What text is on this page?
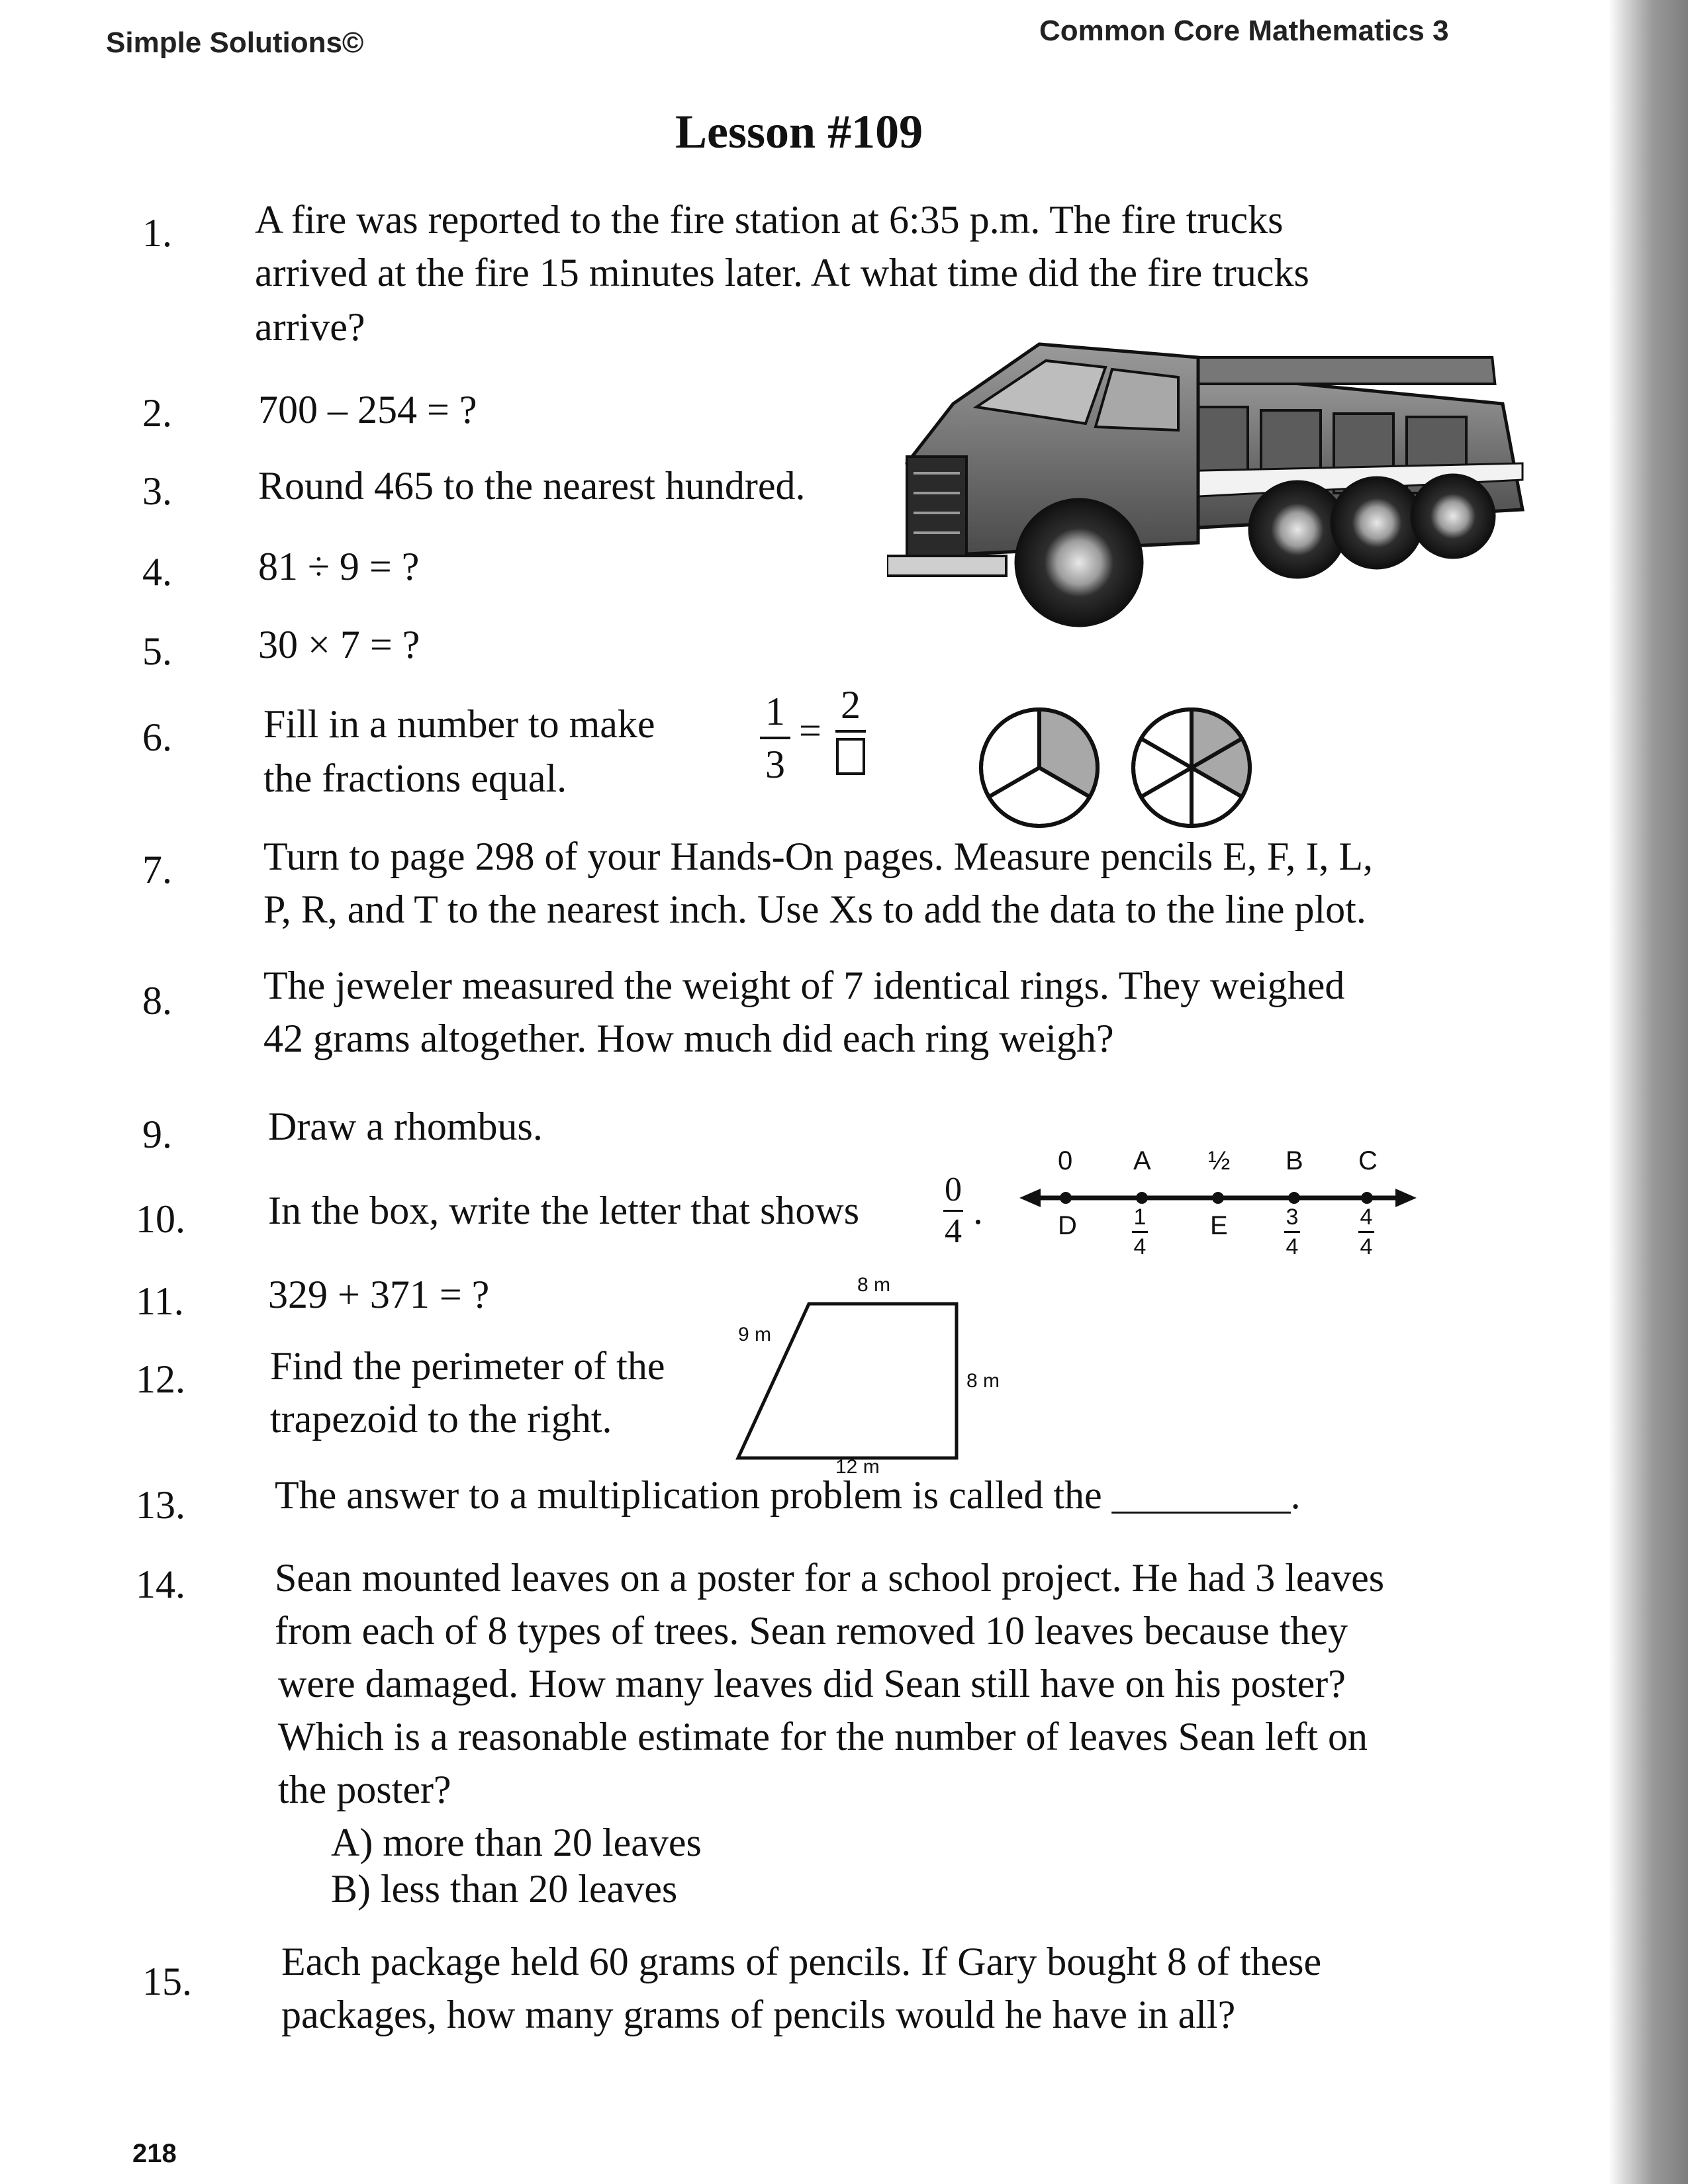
Simple Solutions©	Common Core Mathematics 3
Lesson #109
1. A fire was reported to the fire station at 6:35 p.m. The fire trucks
arrived at the fire 15 minutes later. At what time did the fire trucks
arrive?
2. 700 – 254 = ?
3. Round 465 to the nearest hundred.
4. 81 ÷ 9 = ?
5. 30 × 7 = ?
6. Fill in a number to make
the fractions equal.
1
3
=
2
7. Turn to page 298 of your Hands-On pages. Measure pencils E, F, I, L,
P, R, and T to the nearest inch. Use Xs to add the data to the line plot.
8. The jeweler measured the weight of 7 identical rings. They weighed
42 grams altogether. How much did each ring weigh?
9. Draw a rhombus.
10. In the box, write the letter that shows 0
4 .
0 A ½ B C
D	1
4
E	3
4
4
4
11. 329 + 371 = ?
12. Find the perimeter of the
trapezoid to the right.
8 m
9 m
8 m
12 m
13. The answer to a multiplication problem is called the _________.
14. Sean mounted leaves on a poster for a school project. He had 3 leaves
from each of 8 types of trees. Sean removed 10 leaves because they
were damaged. How many leaves did Sean still have on his poster?
Which is a reasonable estimate for the number of leaves Sean left on
the poster?
A) more than 20 leaves
B) less than 20 leaves
15. Each package held 60 grams of pencils. If Gary bought 8 of these
packages, how many grams of pencils would he have in all?
218
